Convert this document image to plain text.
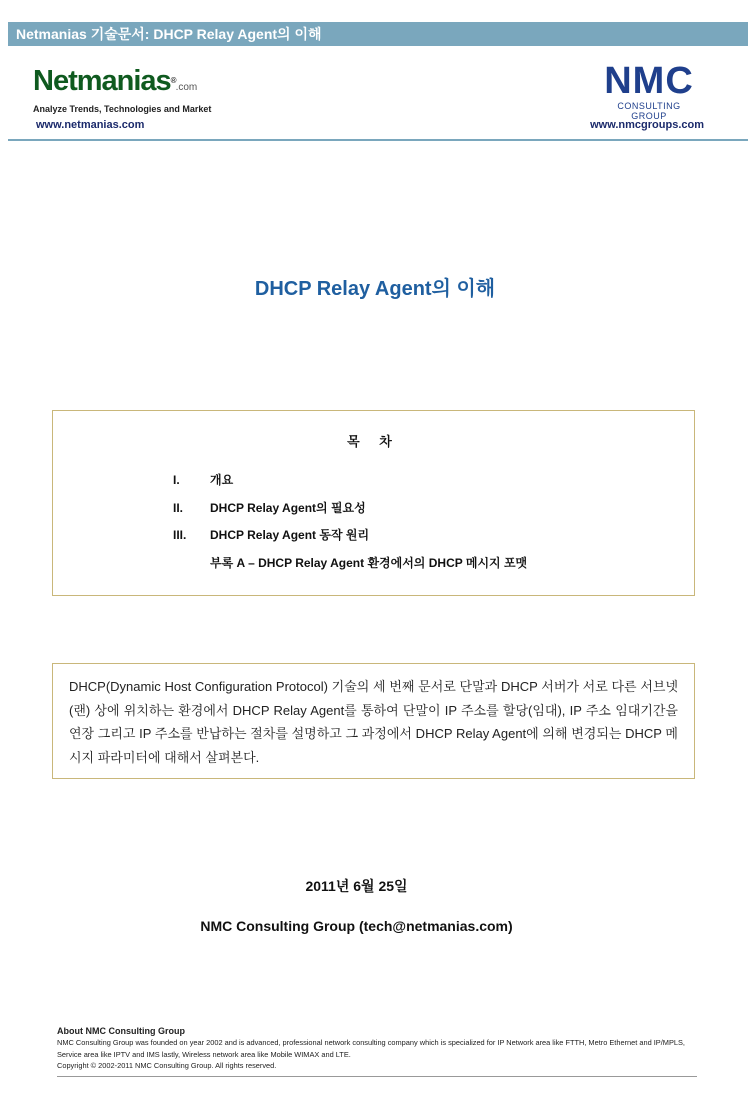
Netmanias 기술문서: DHCP Relay Agent의 이해
Netmanias®.com
Analyze Trends, Technologies and Market
NMC
CONSULTING GROUP
www.netmanias.com	www.nmcgroups.com
DHCP Relay Agent의 이해
목 차
I.	개요
II. DHCP Relay Agent의 필요성
III. DHCP Relay Agent 동작 원리
부록 A – DHCP Relay Agent 환경에서의 DHCP 메시지 포맷
DHCP(Dynamic Host Configuration Protocol) 기술의 세 번째 문서로 단말과 DHCP 서버가 서로 다른 서브넷(랜) 상에 위치하는 환경에서 DHCP Relay Agent를 통하여 단말이 IP 주소를 할당(임대), IP 주소 임대기간을 연장 그리고 IP 주소를 반납하는 절차를 설명하고 그 과정에서 DHCP Relay Agent에 의해 변경되는 DHCP 메시지 파라미터에 대해서 살펴본다.
2011년 6월 25일
NMC Consulting Group (tech@netmanias.com)
About NMC Consulting Group
NMC Consulting Group was founded on year 2002 and is advanced, professional network consulting company which is specialized for IP Network area like FTTH, Metro Ethernet and IP/MPLS, Service area like IPTV and IMS lastly, Wireless network area like Mobile WIMAX and LTE.
Copyright © 2002-2011 NMC Consulting Group. All rights reserved.
